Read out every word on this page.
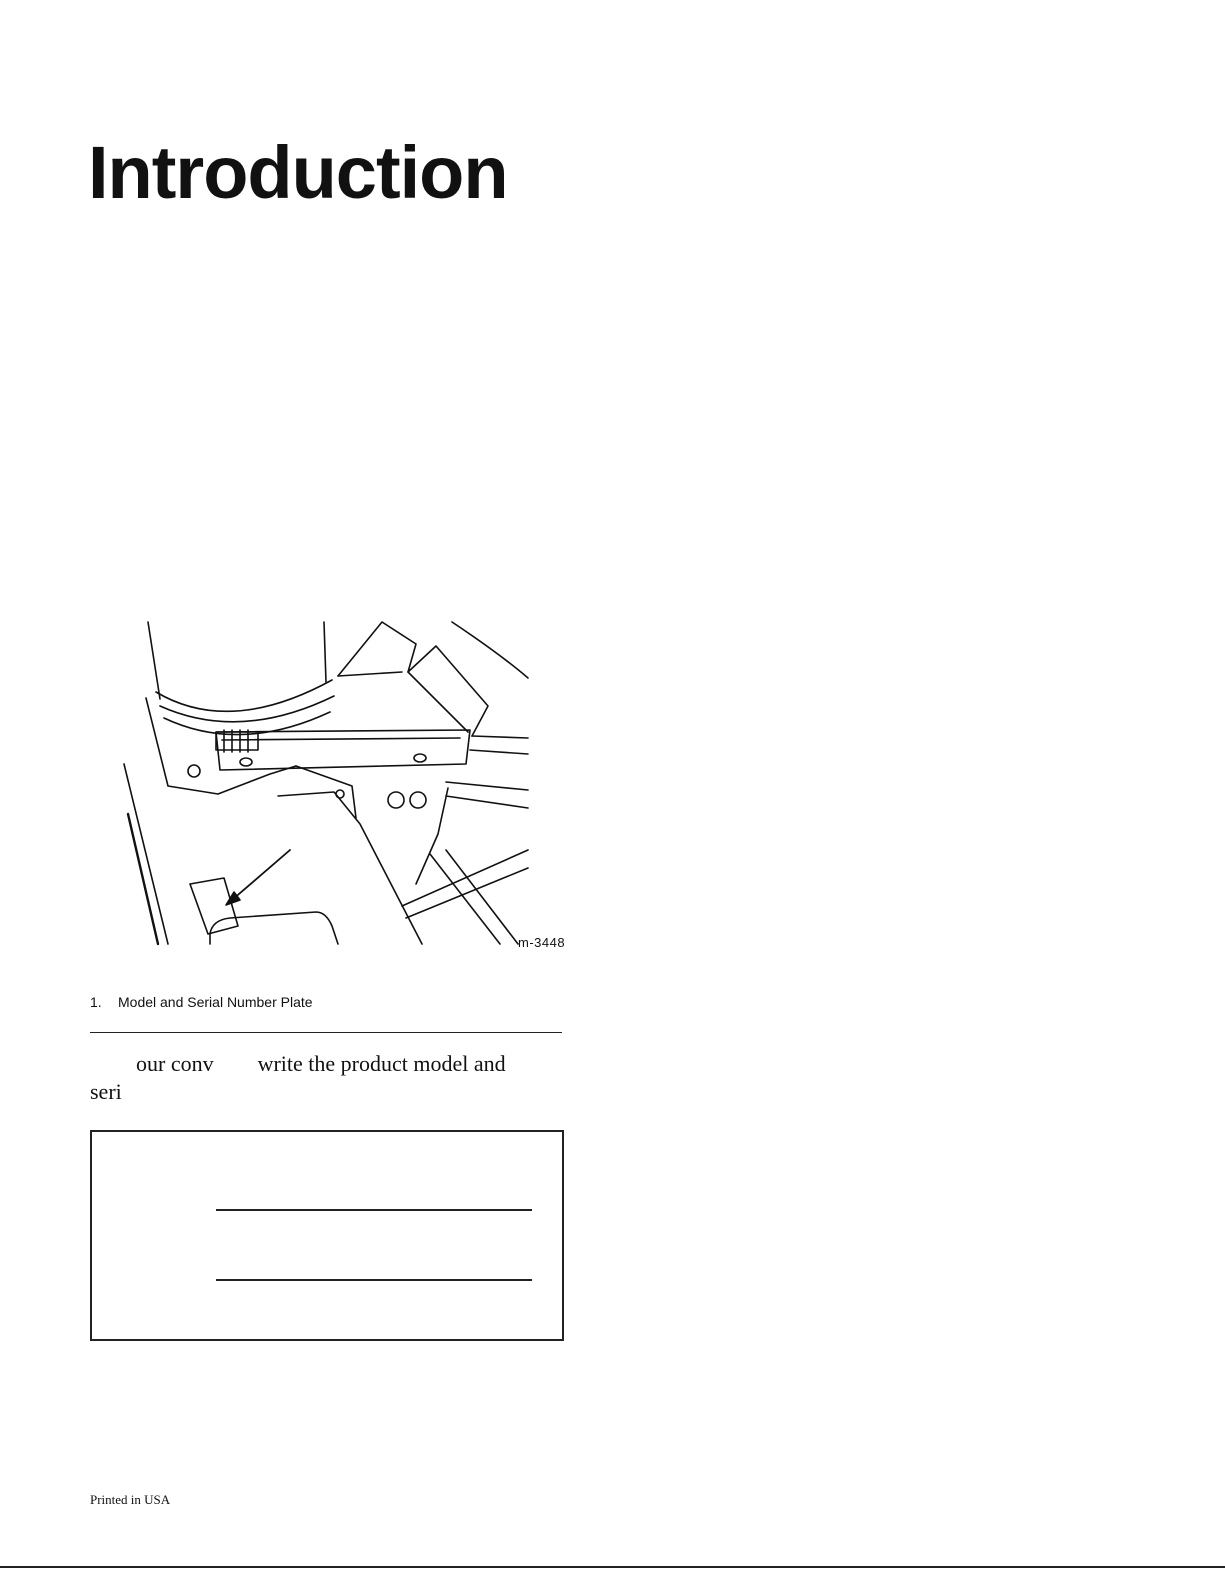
Introduction
m-3448
1. Model and Serial Number Plate
our conv        write the product model and
seri
Printed in USA
